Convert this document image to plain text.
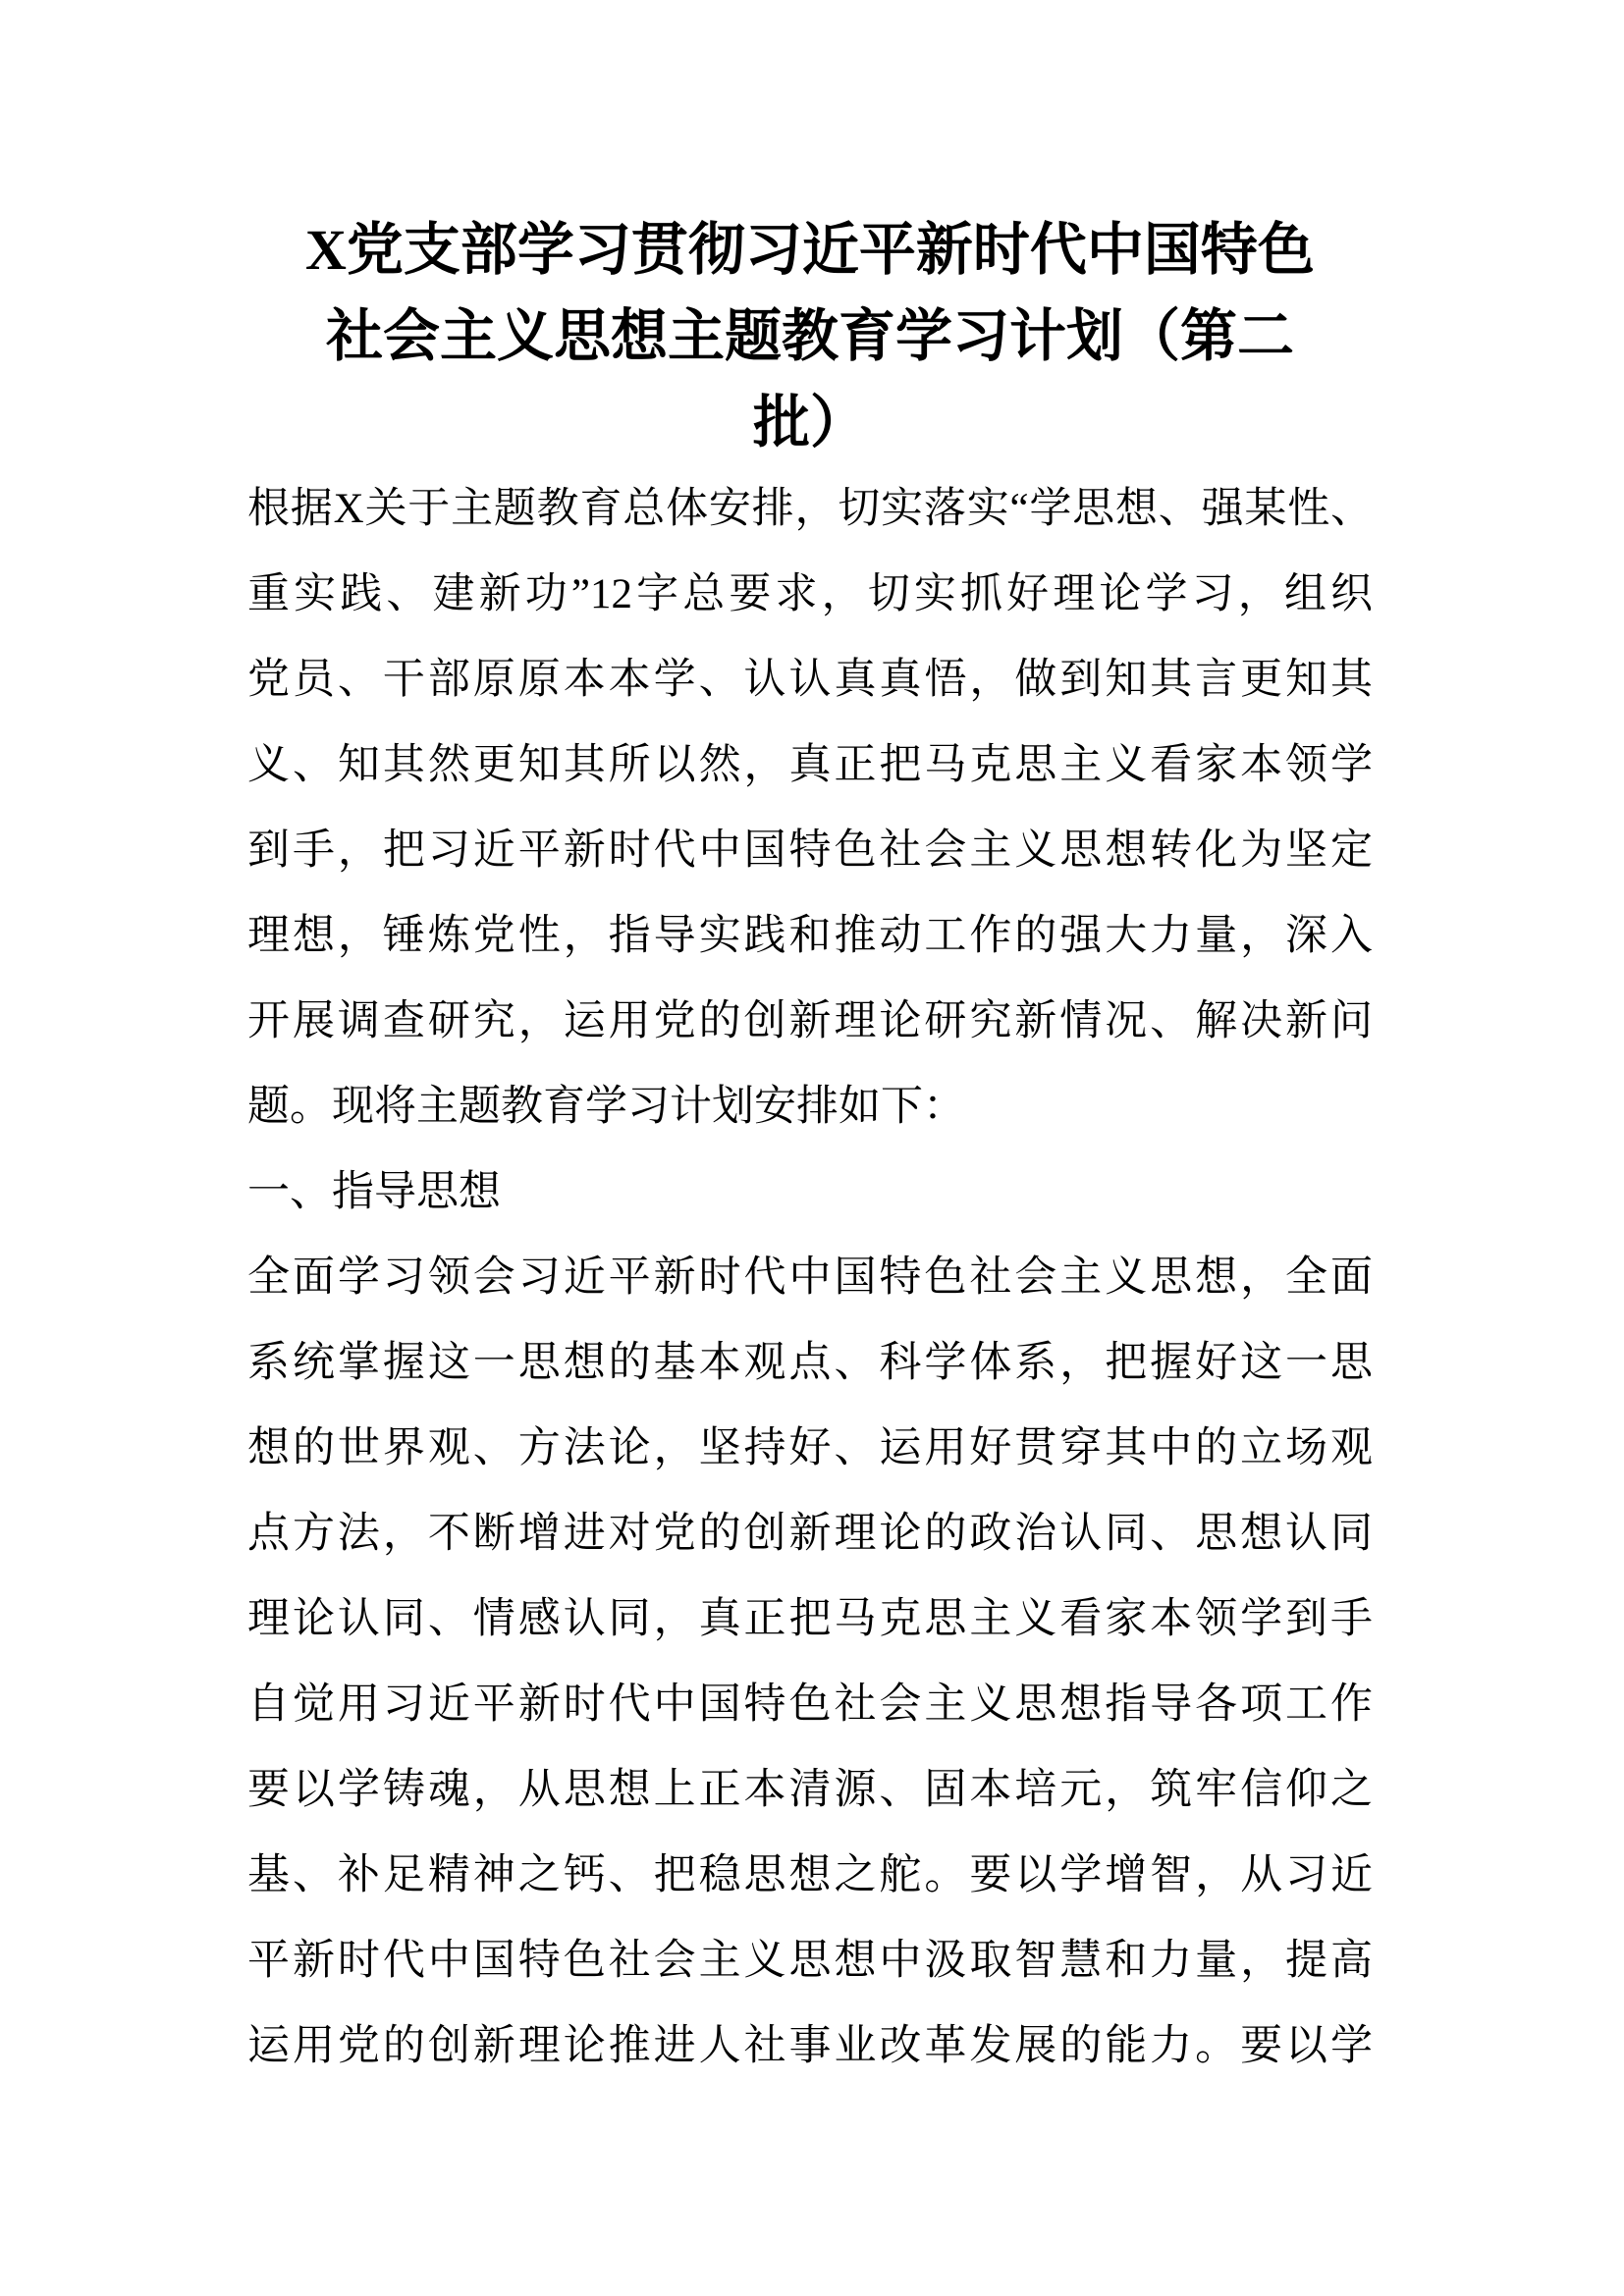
X党支部学习贯彻习近平新时代中国特色
社会主义思想主题教育学习计划（第二
批）

根据X关于主题教育总体安排，切实落实“学思想、强某性、
重实践、建新功”12字总要求，切实抓好理论学习，组织
党员、干部原原本本学、认认真真悟，做到知其言更知其
义、知其然更知其所以然，真正把马克思主义看家本领学
到手，把习近平新时代中国特色社会主义思想转化为坚定
理想，锤炼党性，指导实践和推动工作的强大力量，深入
开展调查研究，运用党的创新理论研究新情况、解决新问
题。现将主题教育学习计划安排如下：

一、指导思想

全面学习领会习近平新时代中国特色社会主义思想，全面
系统掌握这一思想的基本观点、科学体系，把握好这一思
想的世界观、方法论，坚持好、运用好贯穿其中的立场观
点方法，不断增进对党的创新理论的政治认同、思想认同
理论认同、情感认同，真正把马克思主义看家本领学到手
自觉用习近平新时代中国特色社会主义思想指导各项工作
要以学铸魂，从思想上正本清源、固本培元，筑牢信仰之
基、补足精神之钙、把稳思想之舵。要以学增智，从习近
平新时代中国特色社会主义思想中汲取智慧和力量，提高
运用党的创新理论推进人社事业改革发展的能力。要以学
